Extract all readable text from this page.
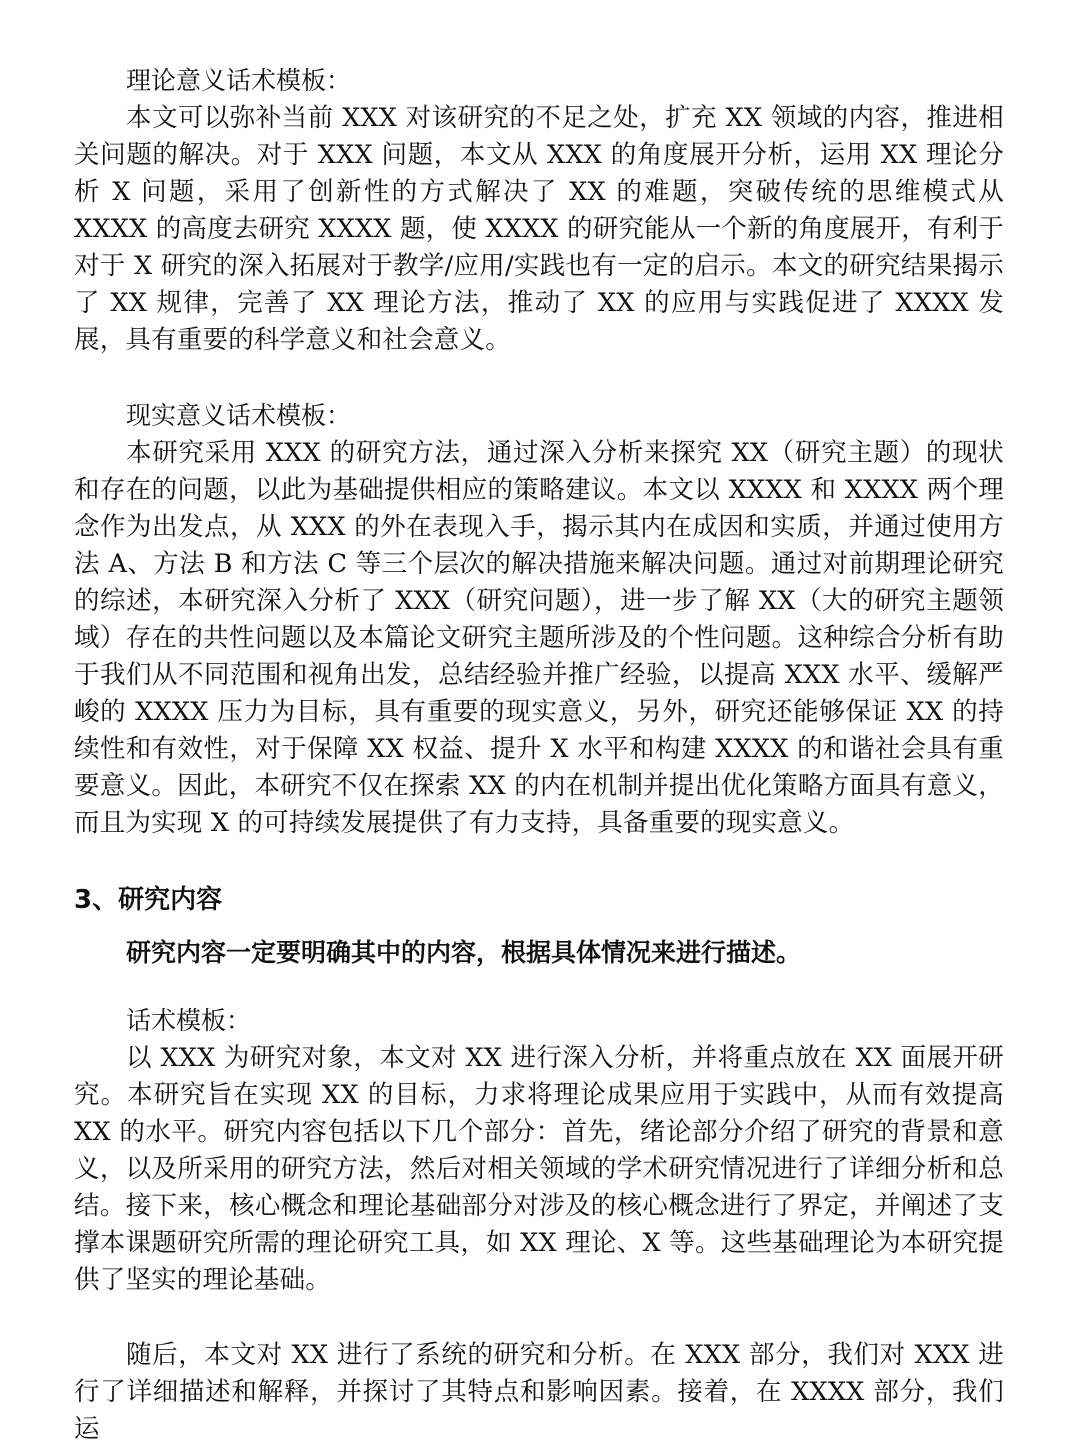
理论意义话术模板：

本文可以弥补当前 XXX 对该研究的不足之处，扩充 XX 领域的内容，推进相关问题的解决。对于 XXX 问题，本文从 XXX 的角度展开分析，运用 XX 理论分析 X 问题，采用了创新性的方式解决了 XX 的难题，突破传统的思维模式从 XXXX 的高度去研究 XXXX 题，使 XXXX 的研究能从一个新的角度展开，有利于对于 X 研究的深入拓展对于教学/应用/实践也有一定的启示。本文的研究结果揭示了 XX 规律，完善了 XX 理论方法，推动了 XX 的应用与实践促进了 XXXX 发展，具有重要的科学意义和社会意义。

现实意义话术模板：

本研究采用 XXX 的研究方法，通过深入分析来探究 XX（研究主题）的现状和存在的问题，以此为基础提供相应的策略建议。本文以 XXXX 和 XXXX 两个理念作为出发点，从 XXX 的外在表现入手，揭示其内在成因和实质，并通过使用方法 A、方法 B 和方法 C 等三个层次的解决措施来解决问题。通过对前期理论研究的综述，本研究深入分析了 XXX（研究问题），进一步了解 XX（大的研究主题领域）存在的共性问题以及本篇论文研究主题所涉及的个性问题。这种综合分析有助于我们从不同范围和视角出发，总结经验并推广经验，以提高 XXX 水平、缓解严峻的 XXXX 压力为目标，具有重要的现实意义，另外，研究还能够保证 XX 的持续性和有效性，对于保障 XX 权益、提升 X 水平和构建 XXXX 的和谐社会具有重要意义。因此，本研究不仅在探索 XX 的内在机制并提出优化策略方面具有意义，而且为实现 X 的可持续发展提供了有力支持，具备重要的现实意义。

3、研究内容
研究内容一定要明确其中的内容，根据具体情况来进行描述。
话术模板：

以 XXX 为研究对象，本文对 XX 进行深入分析，并将重点放在 XX 面展开研究。本研究旨在实现 XX 的目标，力求将理论成果应用于实践中，从而有效提高 XX 的水平。研究内容包括以下几个部分：首先，绪论部分介绍了研究的背景和意义，以及所采用的研究方法，然后对相关领域的学术研究情况进行了详细分析和总结。接下来，核心概念和理论基础部分对涉及的核心概念进行了界定，并阐述了支撑本课题研究所需的理论研究工具，如 XX 理论、X 等。这些基础理论为本研究提供了坚实的理论基础。

随后，本文对 XX 进行了系统的研究和分析。在 XXX 部分，我们对 XXX 进行了详细描述和解释，并探讨了其特点和影响因素。接着，在 XXXX 部分，我们运
